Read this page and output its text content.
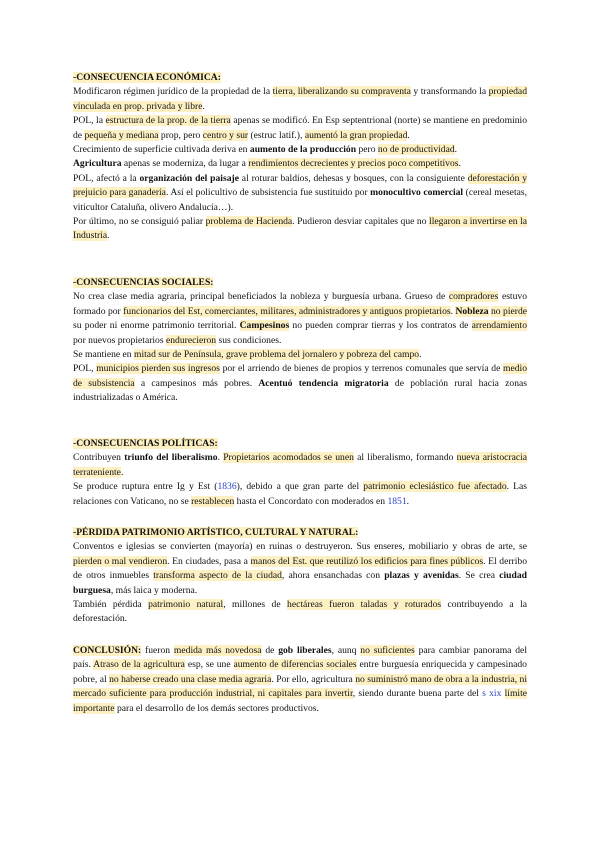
-CONSECUENCIA ECONÓMICA:

Modificaron régimen jurídico de la propiedad de la tierra, liberalizando su compraventa y transformando la propiedad vinculada en prop. privada y libre.

POL, la estructura de la prop. de la tierra apenas se modificó. En Esp septentrional (norte) se mantiene en predominio de pequeña y mediana prop, pero centro y sur (estruc latif.), aumentó la gran propiedad.

Crecimiento de superficie cultivada deriva en aumento de la producción pero no de productividad.

Agricultura apenas se moderniza, da lugar a rendimientos decrecientes y precios poco competitivos.

POL, afectó a la organización del paisaje al roturar baldíos, dehesas y bosques, con la consiguiente deforestación y prejuicio para ganadería. Así el policultivo de subsistencia fue sustituido por monocultivo comercial (cereal mesetas, viticultor Cataluña, olivero Andalucía…).

Por último, no se consiguió paliar problema de Hacienda. Pudieron desviar capitales que no llegaron a invertirse en la Industria.

-CONSECUENCIAS SOCIALES:

No crea clase media agraria, principal beneficiados la nobleza y burguesía urbana. Grueso de compradores estuvo formado por funcionarios del Est, comerciantes, militares, administradores y antiguos propietarios. Nobleza no pierde su poder ni enorme patrimonio territorial. Campesinos no pueden comprar tierras y los contratos de arrendamiento por nuevos propietarios endurecieron sus condiciones.

Se mantiene en mitad sur de Península, grave problema del jornalero y pobreza del campo.

POL, municipios pierden sus ingresos por el arriendo de bienes de propios y terrenos comunales que servía de medio de subsistencia a campesinos más pobres. Acentuó tendencia migratoria de población rural hacia zonas industrializadas o América.

-CONSECUENCIAS POLÍTICAS:

Contribuyen triunfo del liberalismo. Propietarios acomodados se unen al liberalismo, formando nueva aristocracia terrateniente.

Se produce ruptura entre Ig y Est (1836), debido a que gran parte del patrimonio eclesiástico fue afectado. Las relaciones con Vaticano, no se restablecen hasta el Concordato con moderados en 1851.

-PÉRDIDA PATRIMONIO ARTÍSTICO, CULTURAL Y NATURAL:

Conventos e iglesias se convierten (mayoría) en ruinas o destruyeron. Sus enseres, mobiliario y obras de arte, se pierden o mal vendieron. En ciudades, pasa a manos del Est. que reutilizó los edificios para fines públicos. El derribo de otros inmuebles transforma aspecto de la ciudad, ahora ensanchadas con plazas y avenidas. Se crea ciudad burguesa, más laica y moderna.

También pérdida patrimonio natural, millones de hectáreas fueron taladas y roturados contribuyendo a la deforestación.

CONCLUSIÓN: fueron medida más novedosa de gob liberales, aunq no suficientes para cambiar panorama del país. Atraso de la agricultura esp, se une aumento de diferencias sociales entre burguesía enriquecida y campesinado pobre, al no haberse creado una clase media agraria. Por ello, agricultura no suministró mano de obra a la industria, ni mercado suficiente para producción industrial, ni capitales para invertir, siendo durante buena parte del s xix límite importante para el desarrollo de los demás sectores productivos.
